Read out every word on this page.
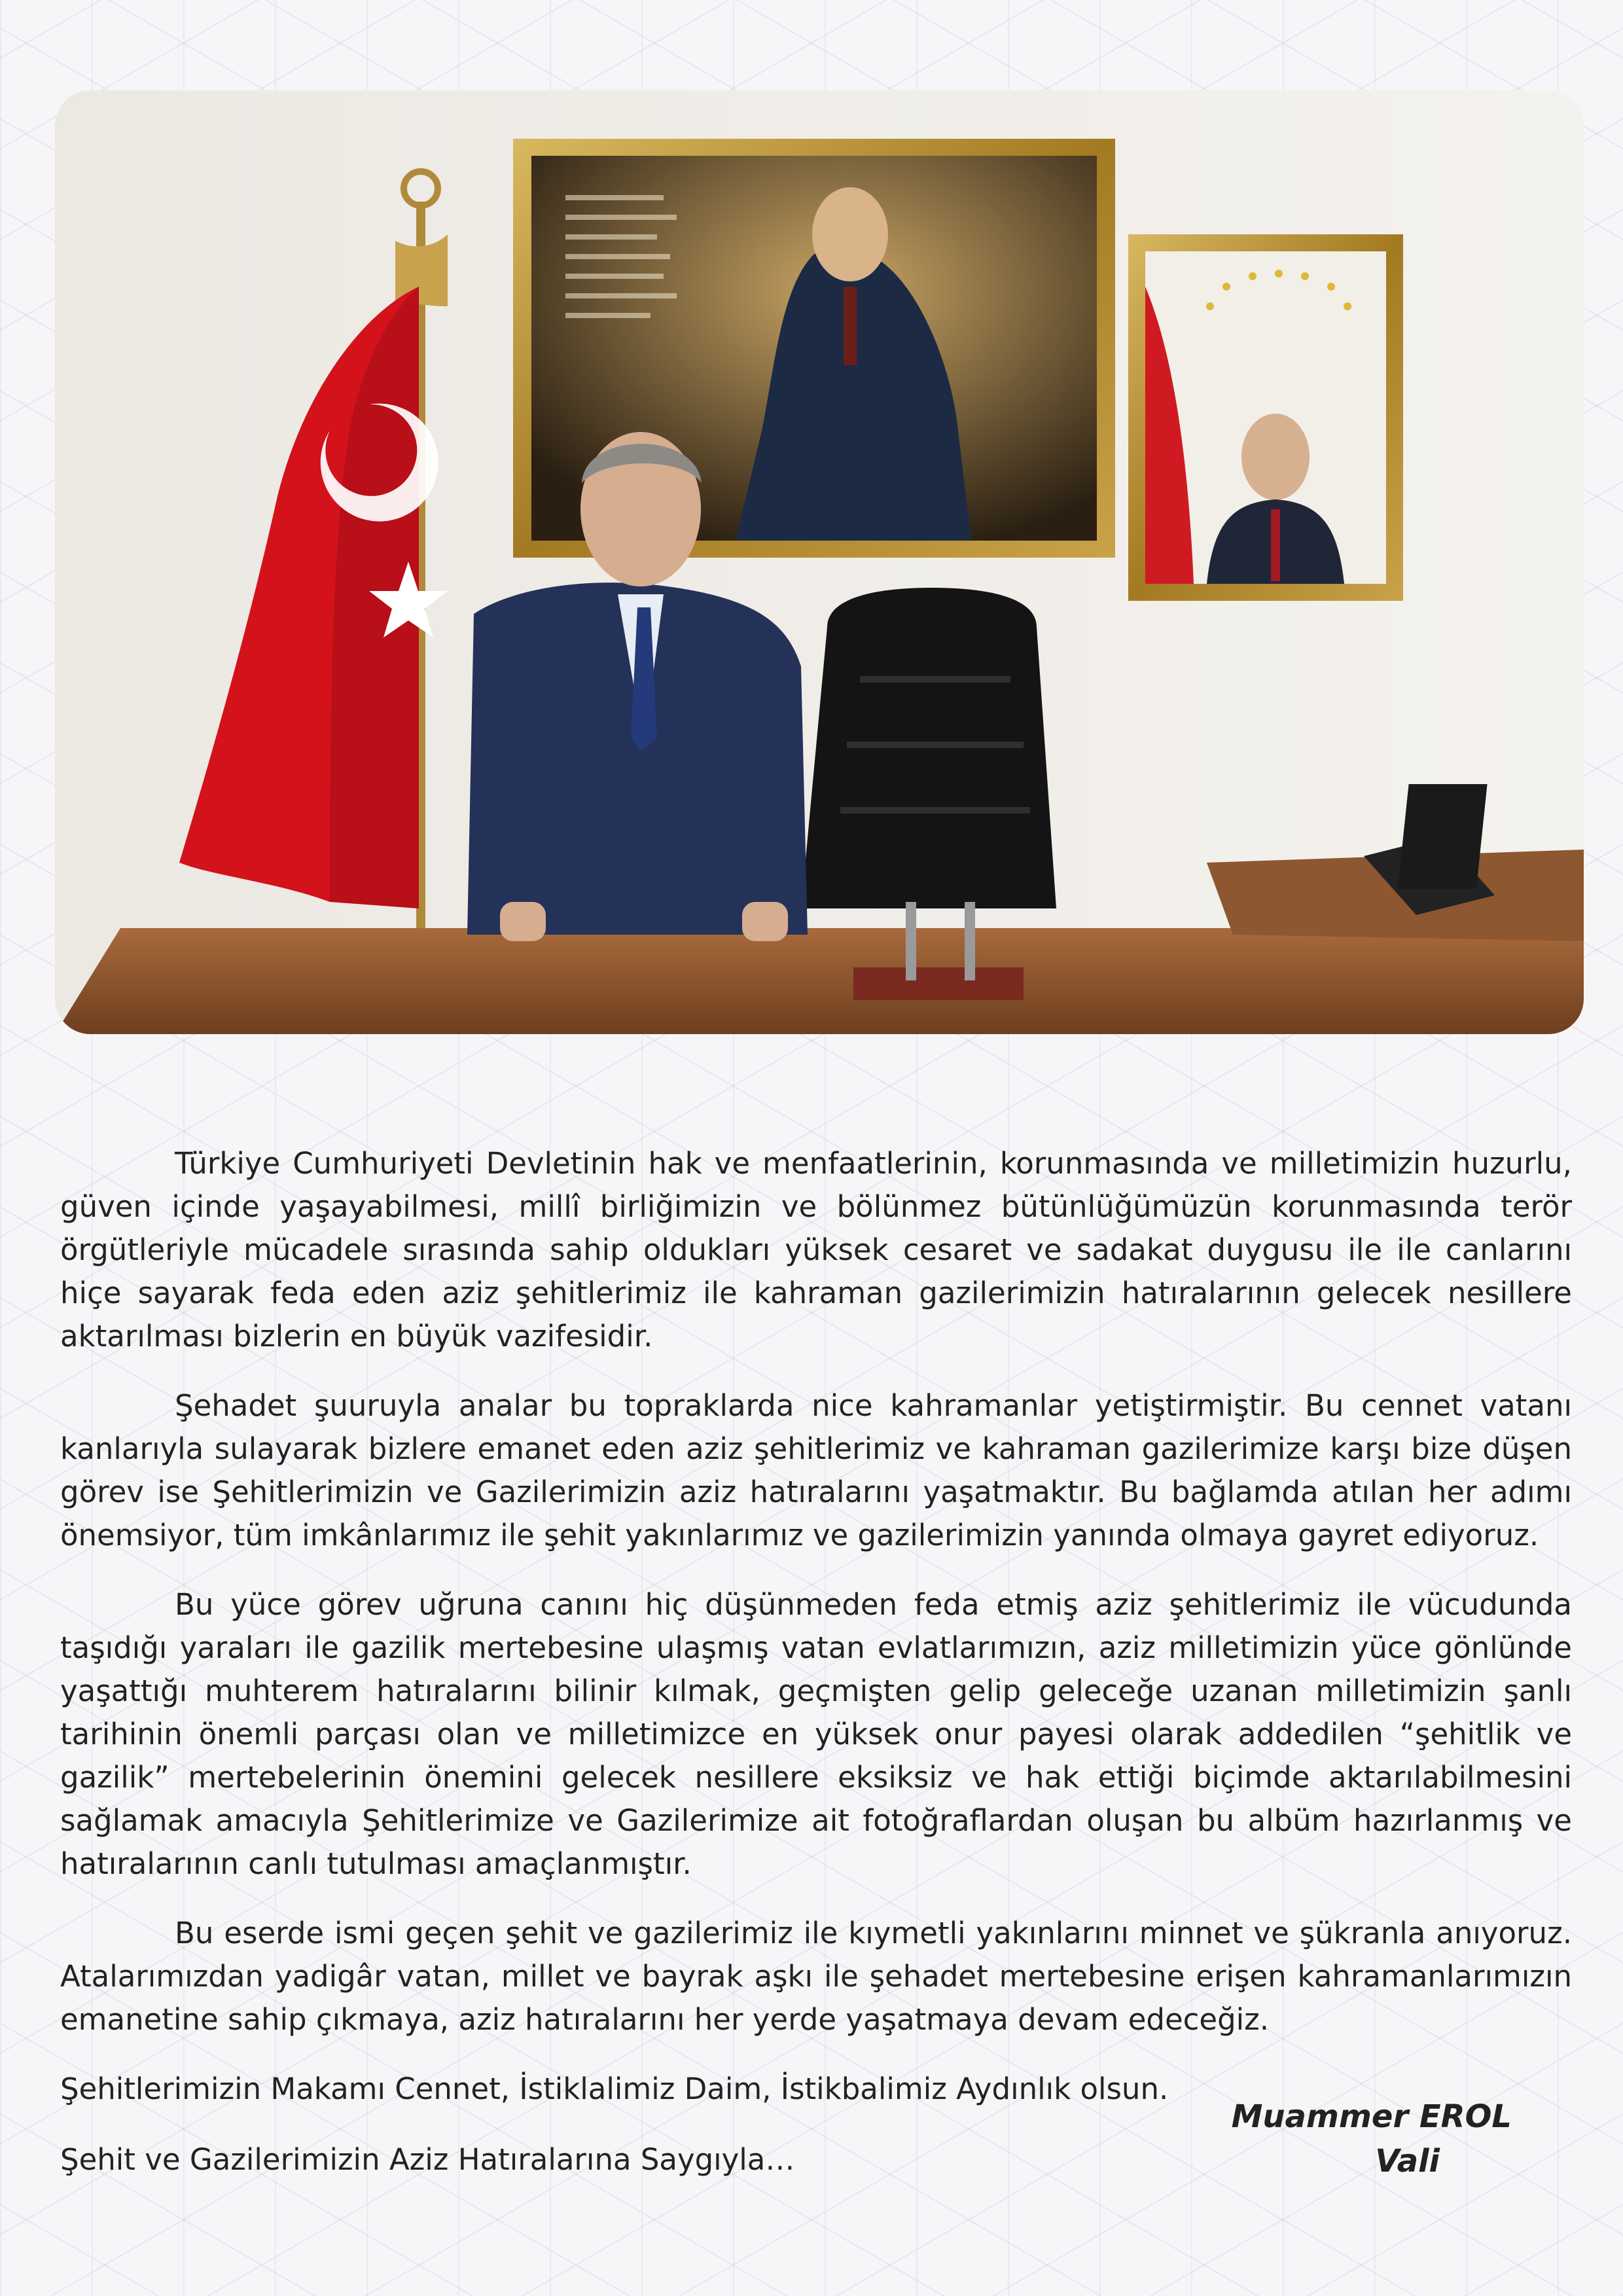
Türkiye Cumhuriyeti Devletinin hak ve menfaatlerinin, korunmasında ve milletimizin huzurlu, güven içinde yaşayabilmesi, millî birliğimizin ve bölünmez bütünlüğümüzün korunmasında terör örgütleriyle mücadele sırasında sahip oldukları yüksek cesaret ve sadakat duygusu ile ile canlarını hiçe sayarak feda eden aziz şehitlerimiz ile kahraman gazilerimizin hatıralarının gelecek nesillere aktarılması bizlerin en büyük vazifesidir.

Şehadet şuuruyla analar bu topraklarda nice kahramanlar yetiştirmiştir. Bu cennet vatanı kanlarıyla sulayarak bizlere emanet eden aziz şehitlerimiz ve kahraman gazilerimize karşı bize düşen görev ise Şehitlerimizin ve Gazilerimizin aziz hatıralarını yaşatmaktır. Bu bağlamda atılan her adımı önemsiyor, tüm imkânlarımız ile şehit yakınlarımız ve gazilerimizin yanında olmaya gayret ediyoruz.

Bu yüce görev uğruna canını hiç düşünmeden feda etmiş aziz şehitlerimiz ile vücudunda taşıdığı yaraları ile gazilik mertebesine ulaşmış vatan evlatlarımızın, aziz milletimizin yüce gönlünde yaşattığı muhterem hatıralarını bilinir kılmak, geçmişten gelip geleceğe uzanan milletimizin şanlı tarihinin önemli parçası olan ve milletimizce en yüksek onur payesi olarak addedilen “şehitlik ve gazilik” mertebelerinin önemini gelecek nesillere eksiksiz ve hak ettiği biçimde aktarılabilmesini sağlamak amacıyla Şehitlerimize ve Gazilerimize ait fotoğraflardan oluşan bu albüm hazırlanmış ve hatıralarının canlı tutulması amaçlanmıştır.

Bu eserde ismi geçen şehit ve gazilerimiz ile kıymetli yakınlarını minnet ve şükranla anıyoruz. Atalarımızdan yadigâr vatan, millet ve bayrak aşkı ile şehadet mertebesine erişen kahramanlarımızın emanetine sahip çıkmaya, aziz hatıralarını her yerde yaşatmaya devam edeceğiz.

Şehitlerimizin Makamı Cennet, İstiklalimiz Daim, İstikbalimiz Aydınlık olsun.

Şehit ve Gazilerimizin Aziz Hatıralarına Saygıyla…

Muammer EROL
Vali
